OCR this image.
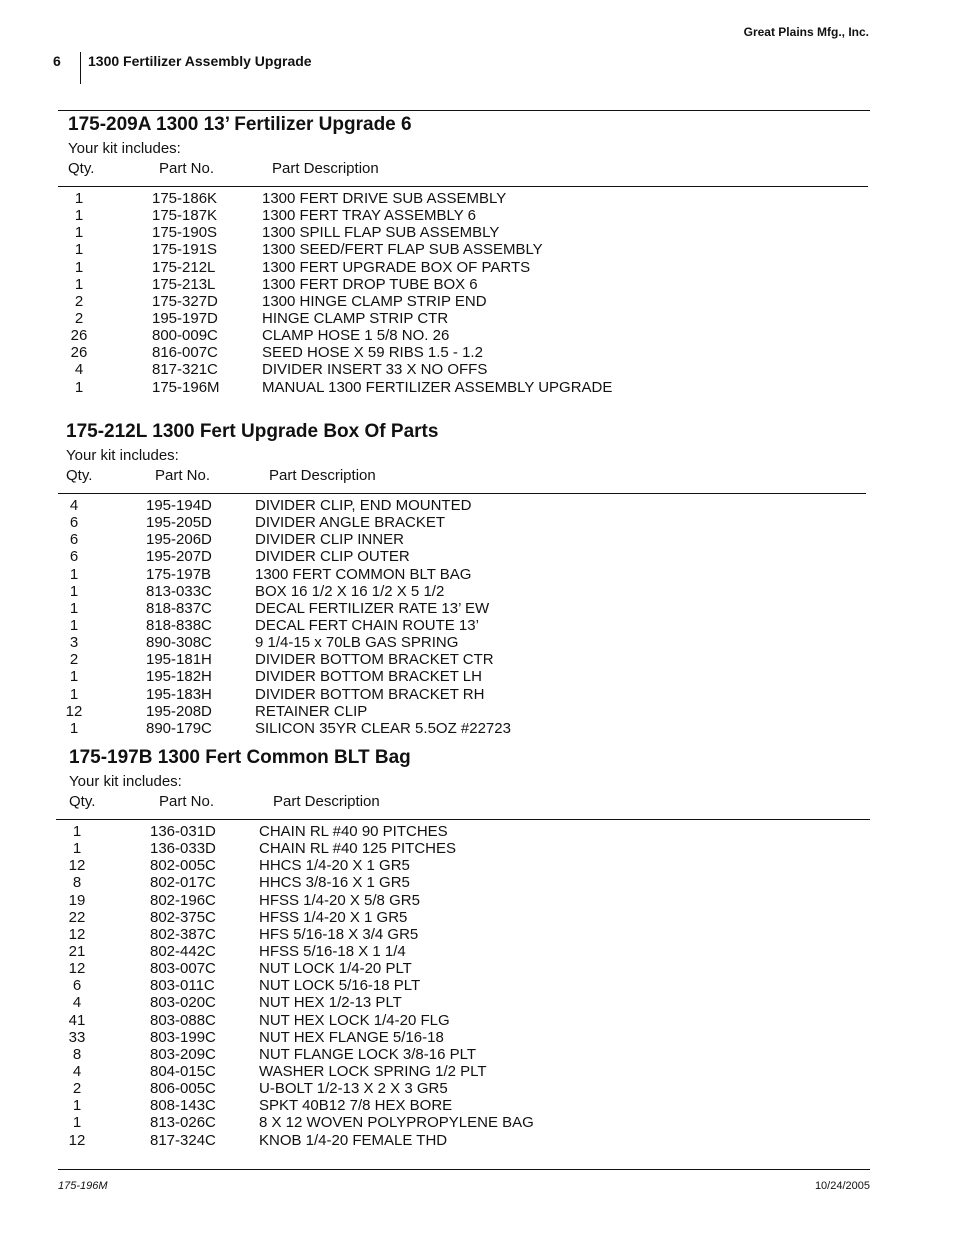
Great Plains Mfg., Inc.
6 1300 Fertilizer Assembly Upgrade
175-209A 1300 13’ Fertilizer Upgrade 6
Your kit includes:
Qty.	Part No.	Part Description
1	175-186K	1300 FERT DRIVE SUB ASSEMBLY
1	175-187K	1300 FERT TRAY ASSEMBLY 6
1	175-190S	1300 SPILL FLAP SUB ASSEMBLY
1	175-191S	1300 SEED/FERT FLAP SUB ASSEMBLY
1	175-212L	1300 FERT UPGRADE BOX OF PARTS
1	175-213L	1300 FERT DROP TUBE BOX 6
2	175-327D	1300 HINGE CLAMP STRIP END
2	195-197D	HINGE CLAMP STRIP CTR
26	800-009C	CLAMP HOSE 1 5/8 NO. 26
26	816-007C	SEED HOSE X 59 RIBS 1.5 - 1.2
4	817-321C	DIVIDER INSERT 33 X NO OFFS
1	175-196M	MANUAL 1300 FERTILIZER ASSEMBLY UPGRADE
175-212L 1300 Fert Upgrade Box Of Parts
Your kit includes:
Qty.	Part No.	Part Description
4	195-194D	DIVIDER CLIP, END MOUNTED
6	195-205D	DIVIDER ANGLE BRACKET
6	195-206D	DIVIDER CLIP INNER
6	195-207D	DIVIDER CLIP OUTER
1	175-197B	1300 FERT COMMON BLT BAG
1	813-033C	BOX 16 1/2 X 16 1/2 X 5 1/2
1	818-837C	DECAL FERTILIZER RATE 13’ EW
1	818-838C	DECAL FERT CHAIN ROUTE 13’
3	890-308C	9 1/4-15 x 70LB GAS SPRING
2	195-181H	DIVIDER BOTTOM BRACKET CTR
1	195-182H	DIVIDER BOTTOM BRACKET LH
1	195-183H	DIVIDER BOTTOM BRACKET RH
12	195-208D	RETAINER CLIP
1	890-179C	SILICON 35YR CLEAR 5.5OZ #22723
175-197B 1300 Fert Common BLT Bag
Your kit includes:
Qty.	Part No.	Part Description
1	136-031D	CHAIN RL #40 90 PITCHES
1	136-033D	CHAIN RL #40 125 PITCHES
12	802-005C	HHCS 1/4-20 X 1 GR5
8	802-017C	HHCS 3/8-16 X 1 GR5
19	802-196C	HFSS 1/4-20 X 5/8 GR5
22	802-375C	HFSS 1/4-20 X 1 GR5
12	802-387C	HFS 5/16-18 X 3/4 GR5
21	802-442C	HFSS 5/16-18 X 1 1/4
12	803-007C	NUT LOCK 1/4-20 PLT
6	803-011C	NUT LOCK 5/16-18 PLT
4	803-020C	NUT HEX 1/2-13 PLT
41	803-088C	NUT HEX LOCK 1/4-20 FLG
33	803-199C	NUT HEX FLANGE 5/16-18
8	803-209C	NUT FLANGE LOCK 3/8-16 PLT
4	804-015C	WASHER LOCK SPRING 1/2 PLT
2	806-005C	U-BOLT 1/2-13 X 2 X 3 GR5
1	808-143C	SPKT 40B12 7/8 HEX BORE
1	813-026C	8 X 12 WOVEN POLYPROPYLENE BAG
12	817-324C	KNOB 1/4-20 FEMALE THD
175-196M	10/24/2005
